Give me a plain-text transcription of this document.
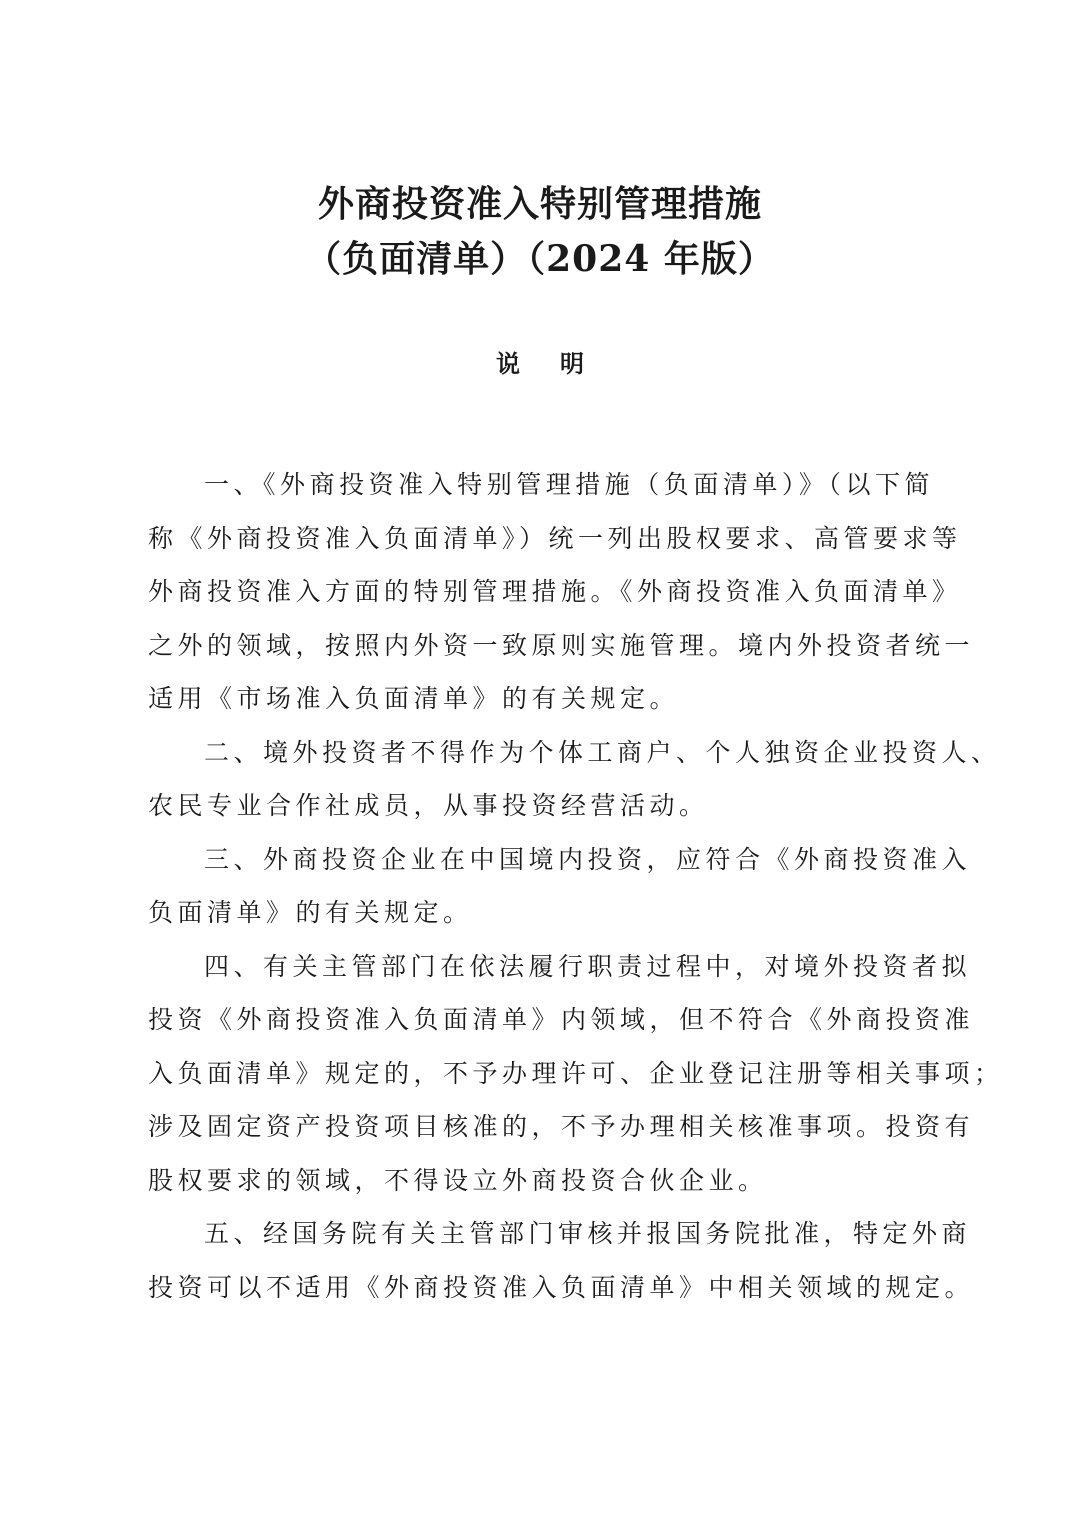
外商投资准入特别管理措施
（负面清单）（2024 年版）
说 明
一、《外商投资准入特别管理措施（负面清单）》（以下简
称《外商投资准入负面清单》）统一列出股权要求、高管要求等
外商投资准入方面的特别管理措施。《外商投资准入负面清单》
之外的领域，按照内外资一致原则实施管理。境内外投资者统一
适用《市场准入负面清单》的有关规定。
二、境外投资者不得作为个体工商户、个人独资企业投资人、
农民专业合作社成员，从事投资经营活动。
三、外商投资企业在中国境内投资，应符合《外商投资准入
负面清单》的有关规定。
四、有关主管部门在依法履行职责过程中，对境外投资者拟
投资《外商投资准入负面清单》内领域，但不符合《外商投资准
入负面清单》规定的，不予办理许可、企业登记注册等相关事项；
涉及固定资产投资项目核准的，不予办理相关核准事项。投资有
股权要求的领域，不得设立外商投资合伙企业。
五、经国务院有关主管部门审核并报国务院批准，特定外商
投资可以不适用《外商投资准入负面清单》中相关领域的规定。
